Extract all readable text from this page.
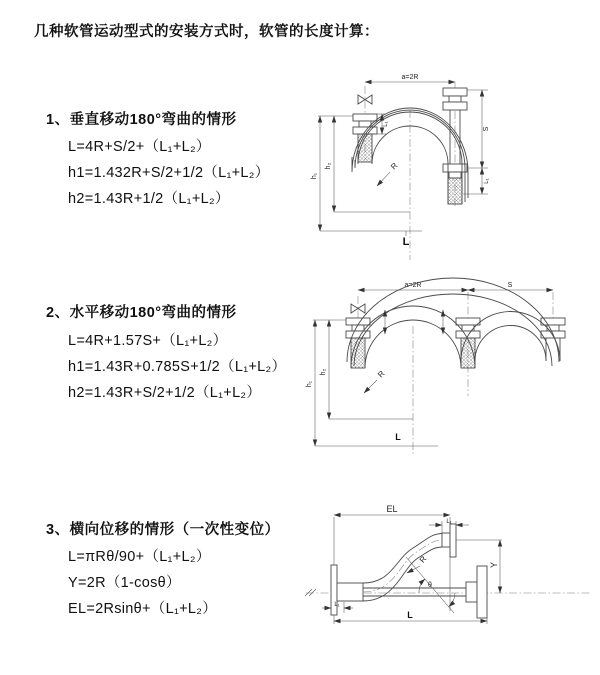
几种软管运动型式的安装方式时，软管的长度计算：
1、垂直移动180°弯曲的情形
L=4R+S/2+（L₁+L₂）
h1=1.432R+S/2+1/2（L₁+L₂）
h2=1.43R+1/2（L₁+L₂）
a=2R
h₁
h₂
L₁
S
L₁
R
L
2、水平移动180°弯曲的情形
L=4R+1.57S+（L₁+L₂）
h1=1.43R+0.785S+1/2（L₁+L₂）
h2=1.43R+S/2+1/2（L₁+L₂）
a=2R	S
h₁
h₂	R
L
3、横向位移的情形（一次性变位）
L=πRθ/90+（L₁+L₂）
Y=2R（1-cosθ）
EL=2Rsinθ+（L₁+L₂）
EL
L₁
Y
θ
R
L
L₁
